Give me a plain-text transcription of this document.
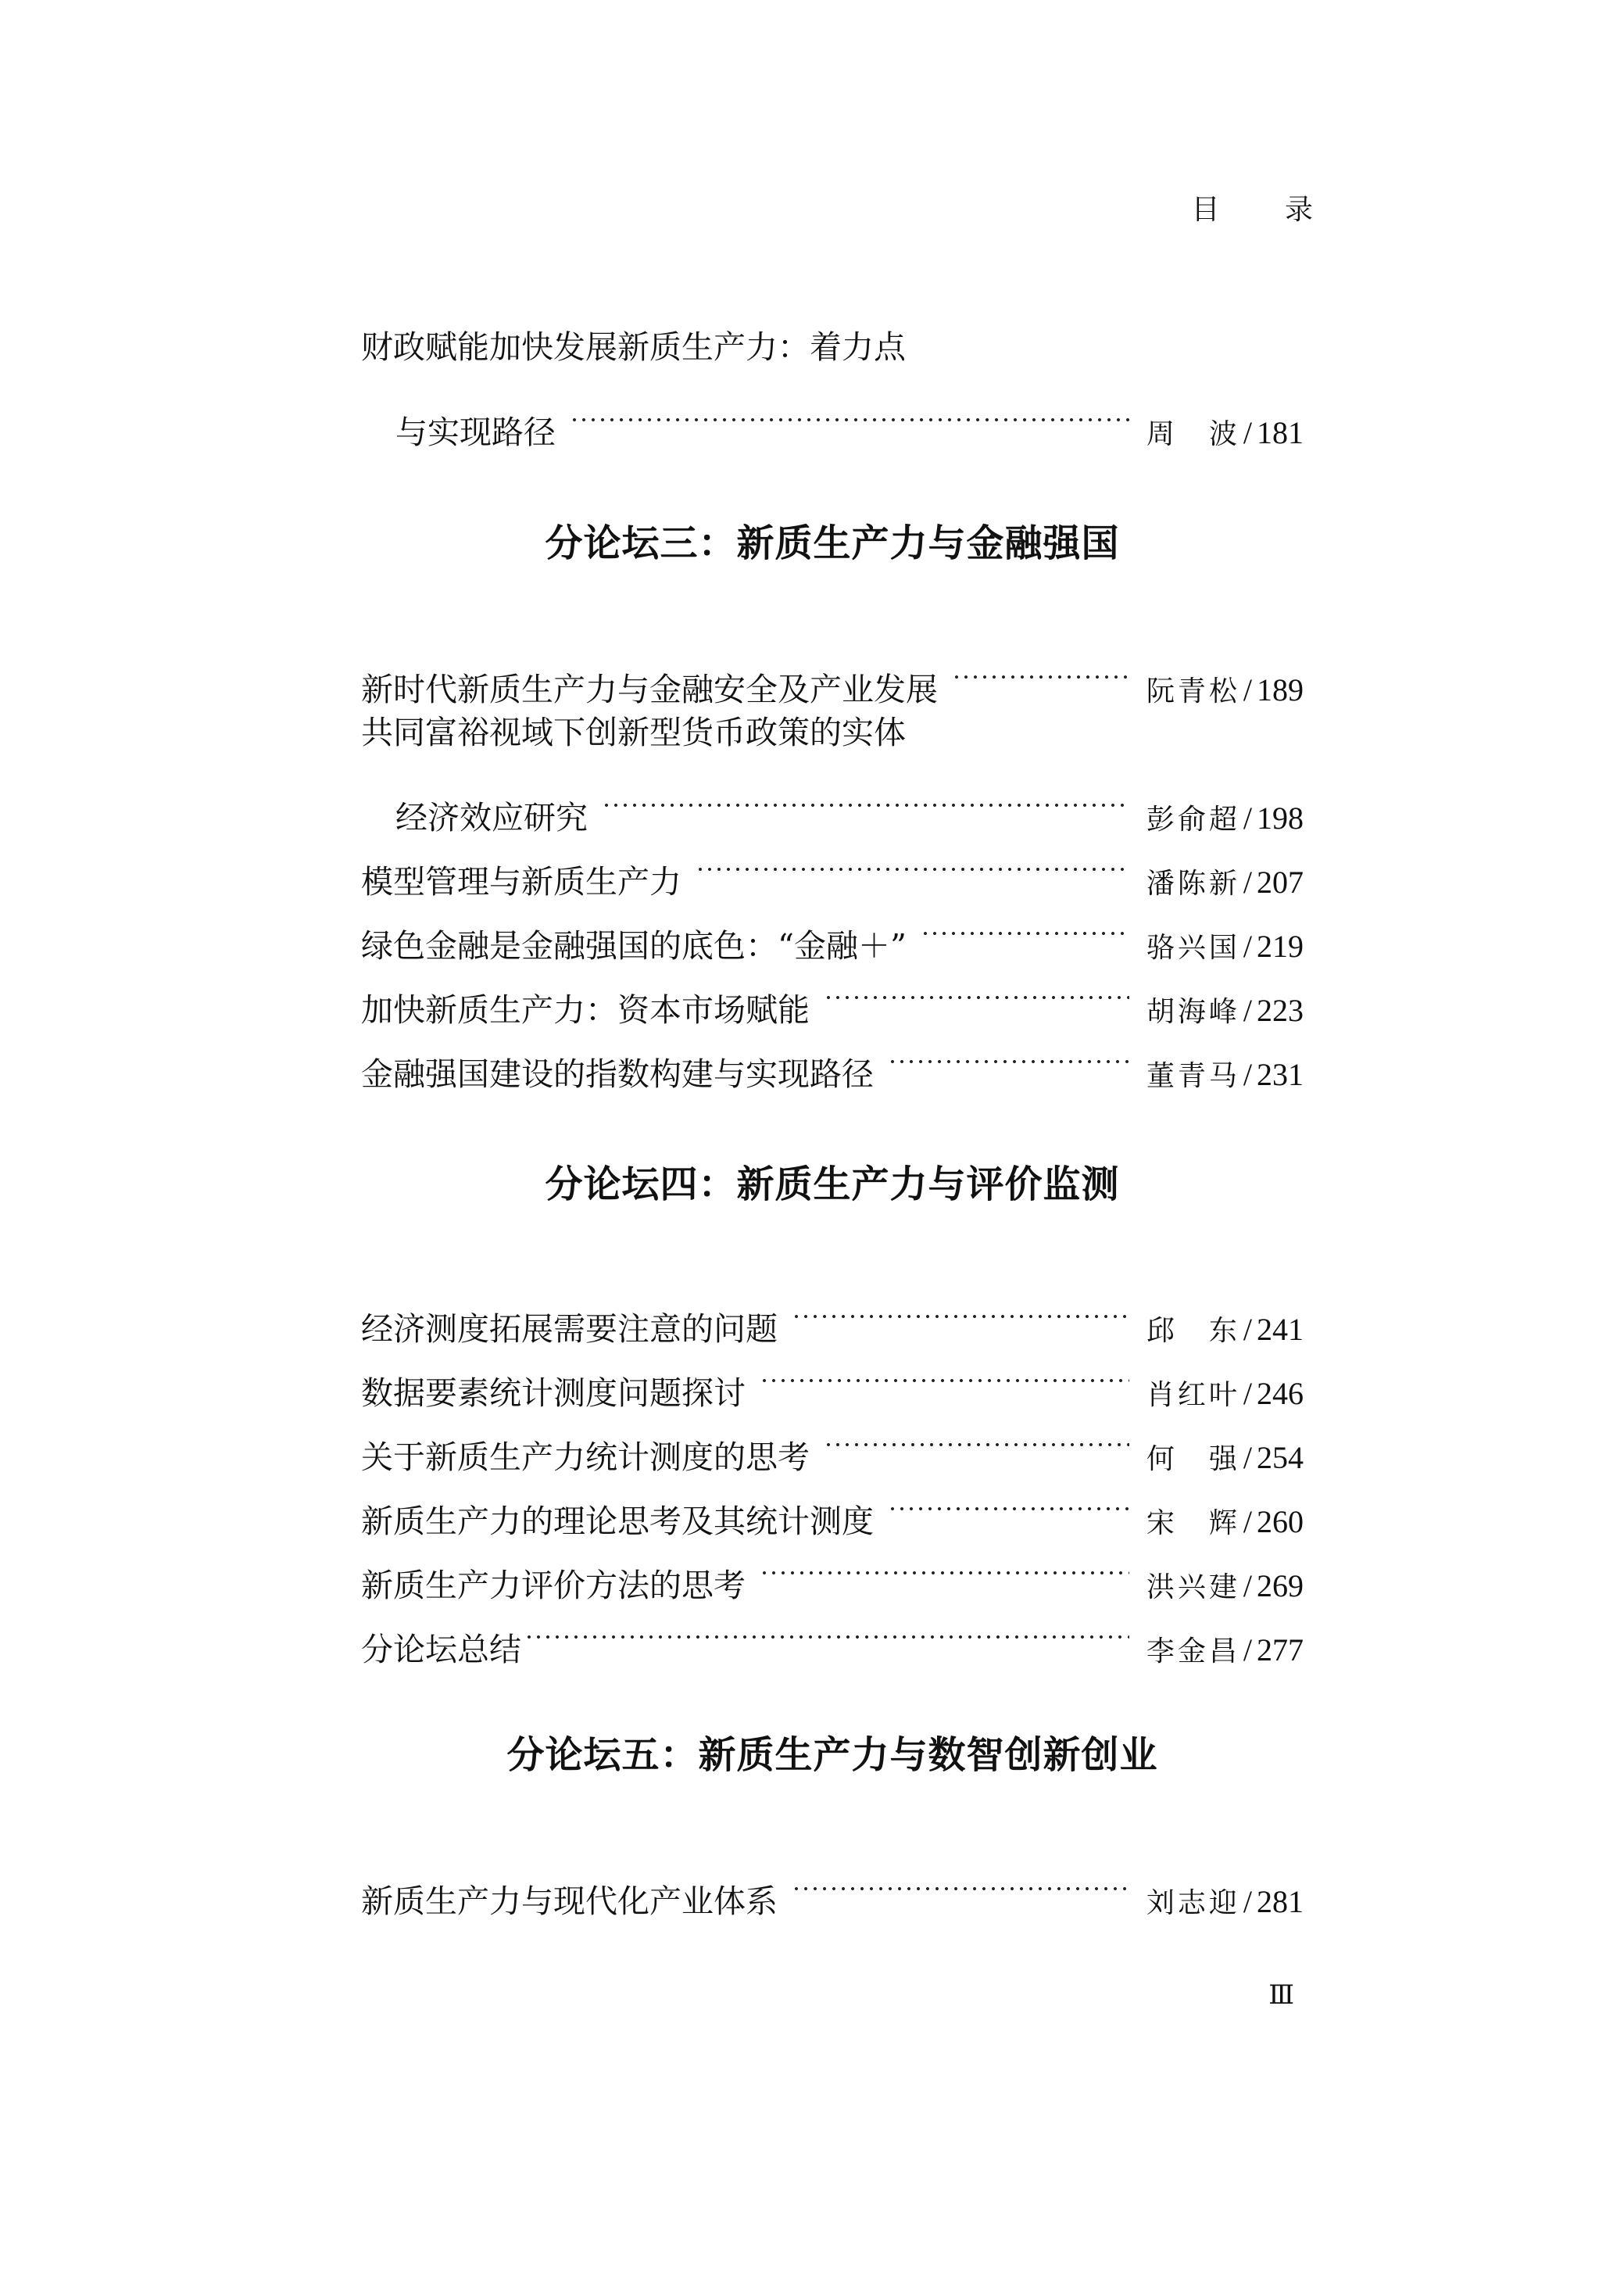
目 录
财政赋能加快发展新质生产力：着力点
与实现路径	周　波 / 181
分论坛三：新质生产力与金融强国
新时代新质生产力与金融安全及产业发展	阮青松 / 189
共同富裕视域下创新型货币政策的实体
经济效应研究	彭俞超 / 198
模型管理与新质生产力	潘陈新 / 207
绿色金融是金融强国的底色：“金融＋”	骆兴国 / 219
加快新质生产力：资本市场赋能	胡海峰 / 223
金融强国建设的指数构建与实现路径	董青马 / 231
分论坛四：新质生产力与评价监测
经济测度拓展需要注意的问题	邱　东 / 241
数据要素统计测度问题探讨	肖红叶 / 246
关于新质生产力统计测度的思考	何　强 / 254
新质生产力的理论思考及其统计测度	宋　辉 / 260
新质生产力评价方法的思考	洪兴建 / 269
分论坛总结	李金昌 / 277
分论坛五：新质生产力与数智创新创业
新质生产力与现代化产业体系	刘志迎 / 281
Ⅲ
